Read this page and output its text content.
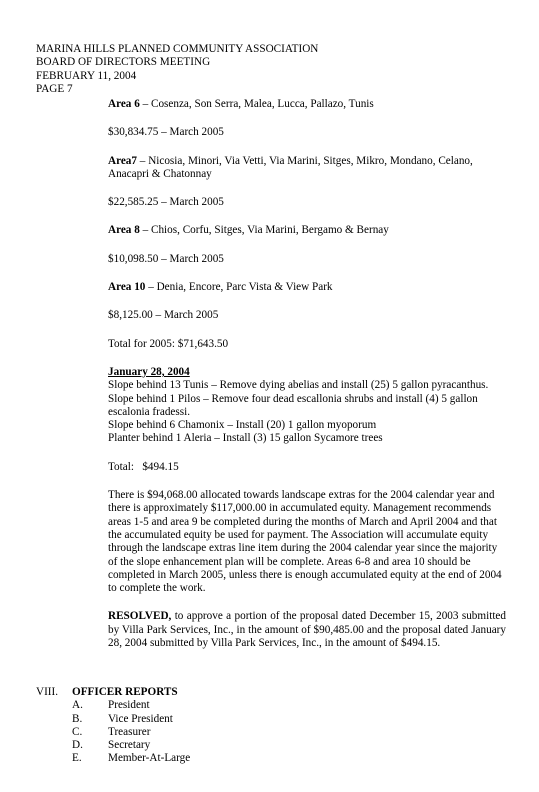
MARINA HILLS PLANNED COMMUNITY ASSOCIATION
BOARD OF DIRECTORS MEETING
FEBRUARY 11, 2004
PAGE 7
Area 6 – Cosenza, Son Serra, Malea, Lucca, Pallazo, Tunis
$30,834.75 – March 2005
Area7 – Nicosia, Minori, Via Vetti, Via Marini, Sitges, Mikro, Mondano, Celano, Anacapri & Chatonnay
$22,585.25 – March 2005
Area 8 – Chios, Corfu, Sitges, Via Marini, Bergamo & Bernay
$10,098.50 – March 2005
Area 10 – Denia, Encore, Parc Vista & View Park
$8,125.00 – March 2005
Total for 2005: $71,643.50
January 28, 2004
Slope behind 13 Tunis – Remove dying abelias and install (25) 5 gallon pyracanthus.
Slope behind 1 Pilos – Remove four dead escallonia shrubs and install (4) 5 gallon escalonia fradessi.
Slope behind 6 Chamonix – Install (20) 1 gallon myoporum
Planter behind 1 Aleria – Install (3) 15 gallon Sycamore trees
Total:   $494.15
There is $94,068.00 allocated towards landscape extras for the 2004 calendar year and there is approximately $117,000.00 in accumulated equity. Management recommends areas 1-5 and area 9 be completed during the months of March and April 2004 and that the accumulated equity be used for payment. The Association will accumulate equity through the landscape extras line item during the 2004 calendar year since the majority of the slope enhancement plan will be complete. Areas 6-8 and area 10 should be completed in March 2005, unless there is enough accumulated equity at the end of 2004 to complete the work.
RESOLVED, to approve a portion of the proposal dated December 15, 2003 submitted by Villa Park Services, Inc., in the amount of $90,485.00 and the proposal dated January 28, 2004 submitted by Villa Park Services, Inc., in the amount of $494.15.
VIII.	OFFICER REPORTS
A.	President
B.	Vice President
C.	Treasurer
D.	Secretary
E.	Member-At-Large
